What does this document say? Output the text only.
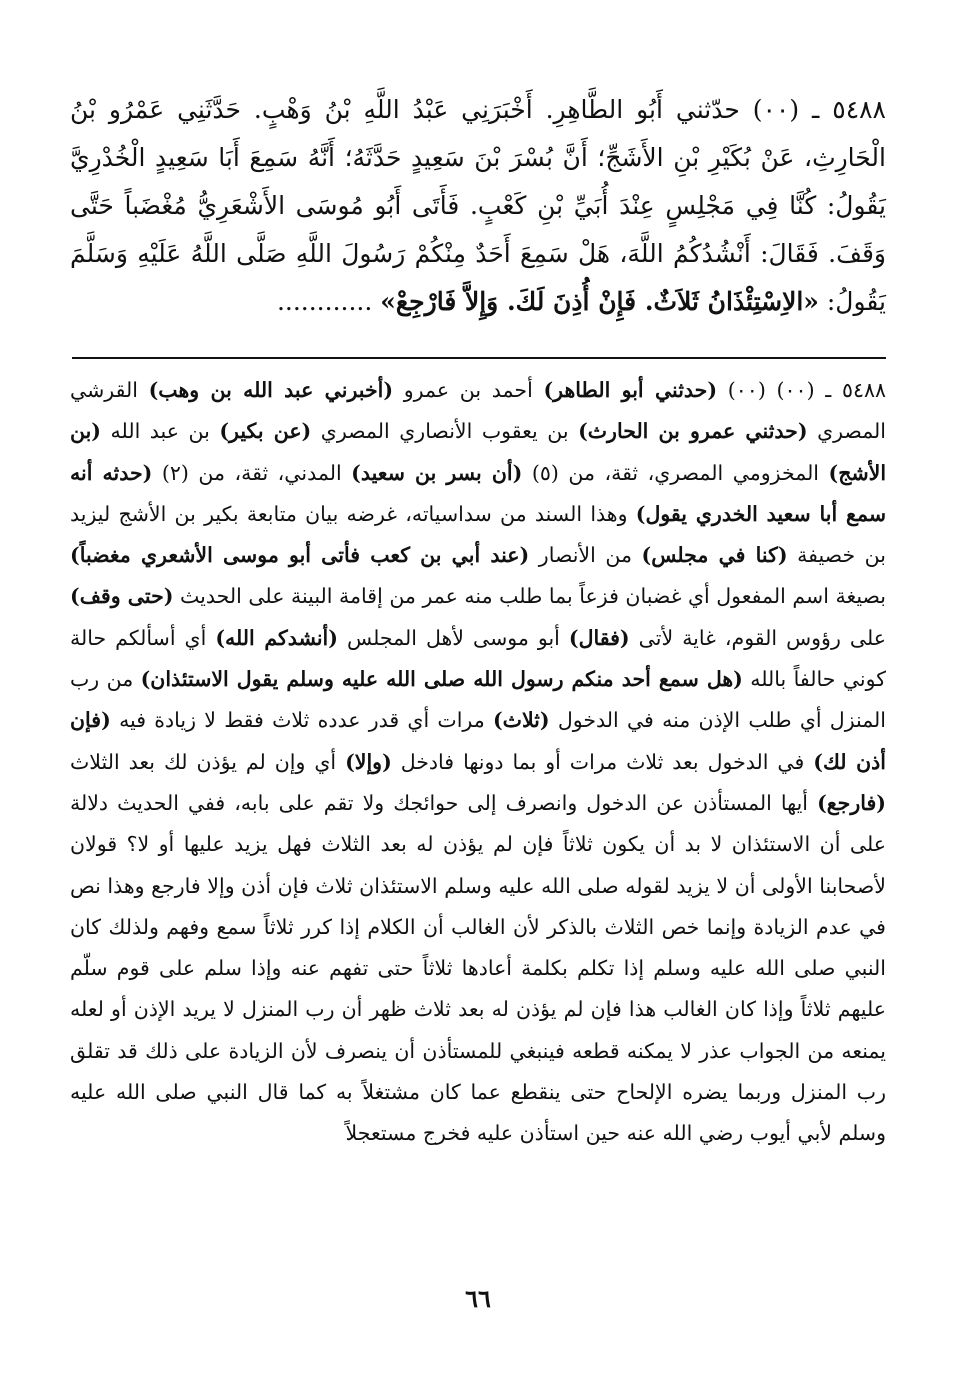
٥٤٨٨ ـ (٠٠) حدّثني أَبُو الطَّاهِرِ. أَخْبَرَنِي عَبْدُ اللَّهِ بْنُ وَهْبٍ. حَدَّثَنِي عَمْرُو بْنُ الْحَارِثِ، عَنْ بُكَيْرِ بْنِ الأَشَجِّ؛ أَنَّ بُسْرَ بْنَ سَعِيدٍ حَدَّثَهُ؛ أَنَّهُ سَمِعَ أَبَا سَعِيدٍ الْخُدْرِيَّ يَقُولُ: كُنَّا فِي مَجْلِسٍ عِنْدَ أُبَيِّ بْنِ كَعْبٍ. فَأَتَى أَبُو مُوسَى الأَشْعَرِيُّ مُغْضَباً حَتَّى وَقَفَ. فَقَالَ: أَنْشُدُكُمُ اللَّهَ، هَلْ سَمِعَ أَحَدٌ مِنْكُمْ رَسُولَ اللَّهِ صَلَّى اللَّهُ عَلَيْهِ وَسَلَّمَ يَقُولُ: «الاِسْتِئْذَانُ ثَلاَثٌ. فَإِنْ أُذِنَ لَكَ. وَإِلاَّ فَارْجِعْ» ............

٥٤٨٨ ـ (٠٠) (٠٠) (حدثني أبو الطاهر) أحمد بن عمرو (أخبرني عبد الله بن وهب) القرشي المصري (حدثني عمرو بن الحارث) بن يعقوب الأنصاري المصري (عن بكير) بن عبد الله (بن الأشج) المخزومي المصري، ثقة، من (٥) (أن بسر بن سعيد) المدني، ثقة، من (٢) (حدثه أنه سمع أبا سعيد الخدري يقول) وهذا السند من سداسياته، غرضه بيان متابعة بكير بن الأشج ليزيد بن خصيفة (كنا في مجلس) من الأنصار (عند أبي بن كعب فأتى أبو موسى الأشعري مغضباً) بصيغة اسم المفعول أي غضبان فزعاً بما طلب منه عمر من إقامة البينة على الحديث (حتى وقف) على رؤوس القوم، غاية لأتى (فقال) أبو موسى لأهل المجلس (أنشدكم الله) أي أسألكم حالة كوني حالفاً بالله (هل سمع أحد منكم رسول الله صلى الله عليه وسلم يقول الاستئذان) من رب المنزل أي طلب الإذن منه في الدخول (ثلاث) مرات أي قدر عدده ثلاث فقط لا زيادة فيه (فإن أذن لك) في الدخول بعد ثلاث مرات أو بما دونها فادخل (وإلا) أي وإن لم يؤذن لك بعد الثلاث (فارجع) أيها المستأذن عن الدخول وانصرف إلى حوائجك ولا تقم على بابه، ففي الحديث دلالة على أن الاستئذان لا بد أن يكون ثلاثاً فإن لم يؤذن له بعد الثلاث فهل يزيد عليها أو لا؟ قولان لأصحابنا الأولى أن لا يزيد لقوله صلى الله عليه وسلم الاستئذان ثلاث فإن أذن وإلا فارجع وهذا نص في عدم الزيادة وإنما خص الثلاث بالذكر لأن الغالب أن الكلام إذا كرر ثلاثاً سمع وفهم ولذلك كان النبي صلى الله عليه وسلم إذا تكلم بكلمة أعادها ثلاثاً حتى تفهم عنه وإذا سلم على قوم سلّم عليهم ثلاثاً وإذا كان الغالب هذا فإن لم يؤذن له بعد ثلاث ظهر أن رب المنزل لا يريد الإذن أو لعله يمنعه من الجواب عذر لا يمكنه قطعه فينبغي للمستأذن أن ينصرف لأن الزيادة على ذلك قد تقلق رب المنزل وربما يضره الإلحاح حتى ينقطع عما كان مشتغلاً به كما قال النبي صلى الله عليه وسلم لأبي أيوب رضي الله عنه حين استأذن عليه فخرج مستعجلاً

٦٦
